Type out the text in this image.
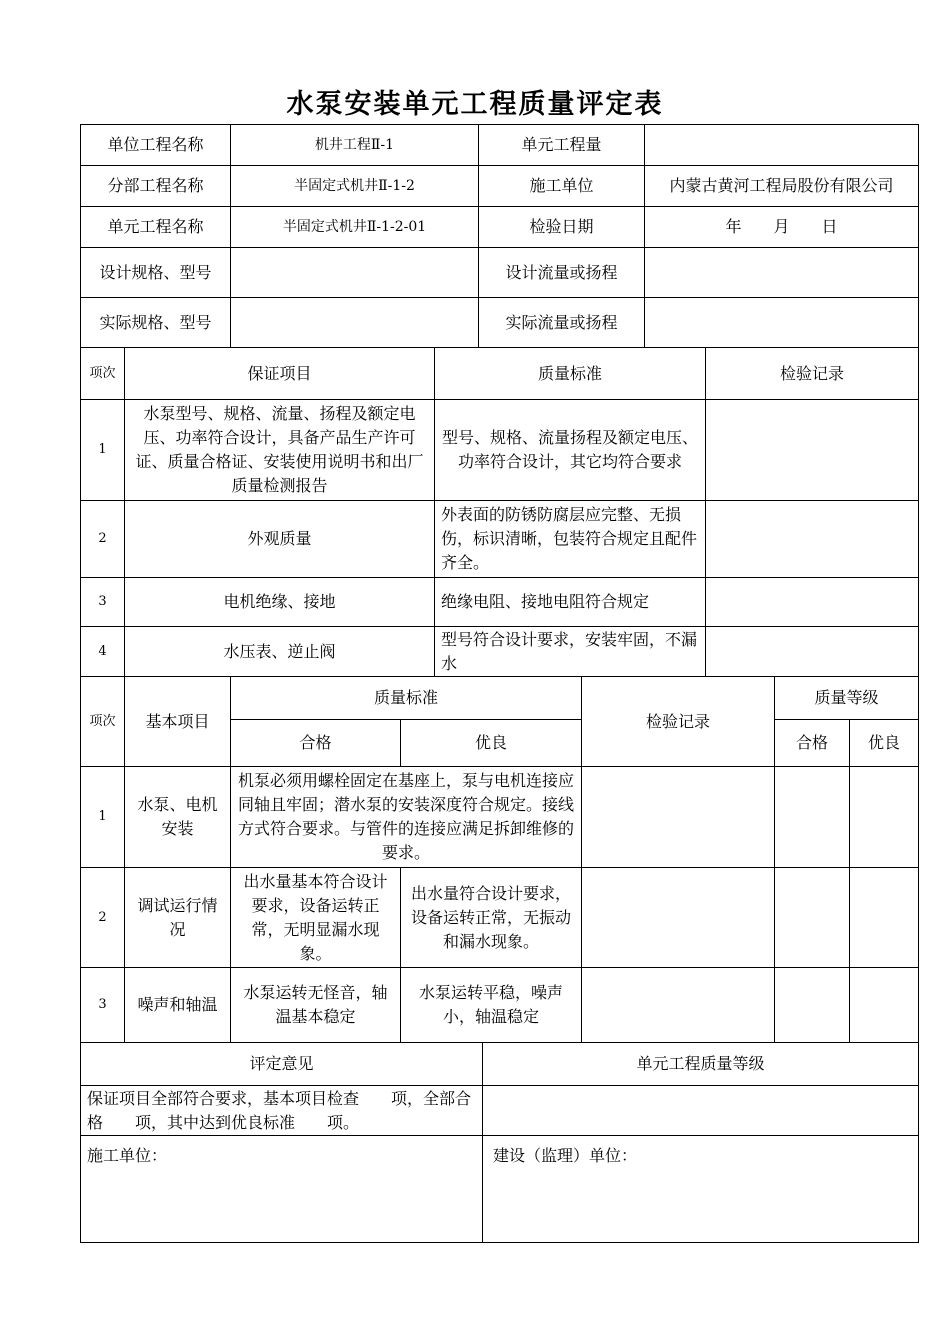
水泵安装单元工程质量评定表
单位工程名称	机井工程Ⅱ-1	单元工程量	
分部工程名称	半固定式机井Ⅱ-1-2	施工单位	内蒙古黄河工程局股份有限公司
单元工程名称	半固定式机井Ⅱ-1-2-01	检验日期	年　　月　　日
设计规格、型号		设计流量或扬程	
实际规格、型号		实际流量或扬程	
项次	保证项目	质量标准	检验记录
1	水泵型号、规格、流量、扬程及额定电压、功率符合设计，具备产品生产许可证、质量合格证、安装使用说明书和出厂质量检测报告	型号、规格、流量扬程及额定电压、功率符合设计，其它均符合要求	
2	外观质量	外表面的防锈防腐层应完整、无损伤，标识清晰，包装符合规定且配件齐全。	
3	电机绝缘、接地	绝缘电阻、接地电阻符合规定	
4	水压表、逆止阀	型号符合设计要求，安装牢固，不漏水	
项次	基本项目	质量标准		检验记录	质量等级	
		合格	优良		合格	优良
1	水泵、电机安装	机泵必须用螺栓固定在基座上，泵与电机连接应同轴且牢固；潜水泵的安装深度符合规定。接线方式符合要求。与管件的连接应满足拆卸维修的要求。				
2	调试运行情况	出水量基本符合设计要求，设备运转正常，无明显漏水现象。	出水量符合设计要求，设备运转正常，无振动和漏水现象。			
3	噪声和轴温	水泵运转无怪音，轴温基本稳定	水泵运转平稳，噪声小，轴温稳定			
评定意见	单元工程质量等级
保证项目全部符合要求，基本项目检查　　项，全部合格　　项，其中达到优良标准　　项。	

施工单位：	建设（监理）单位：
